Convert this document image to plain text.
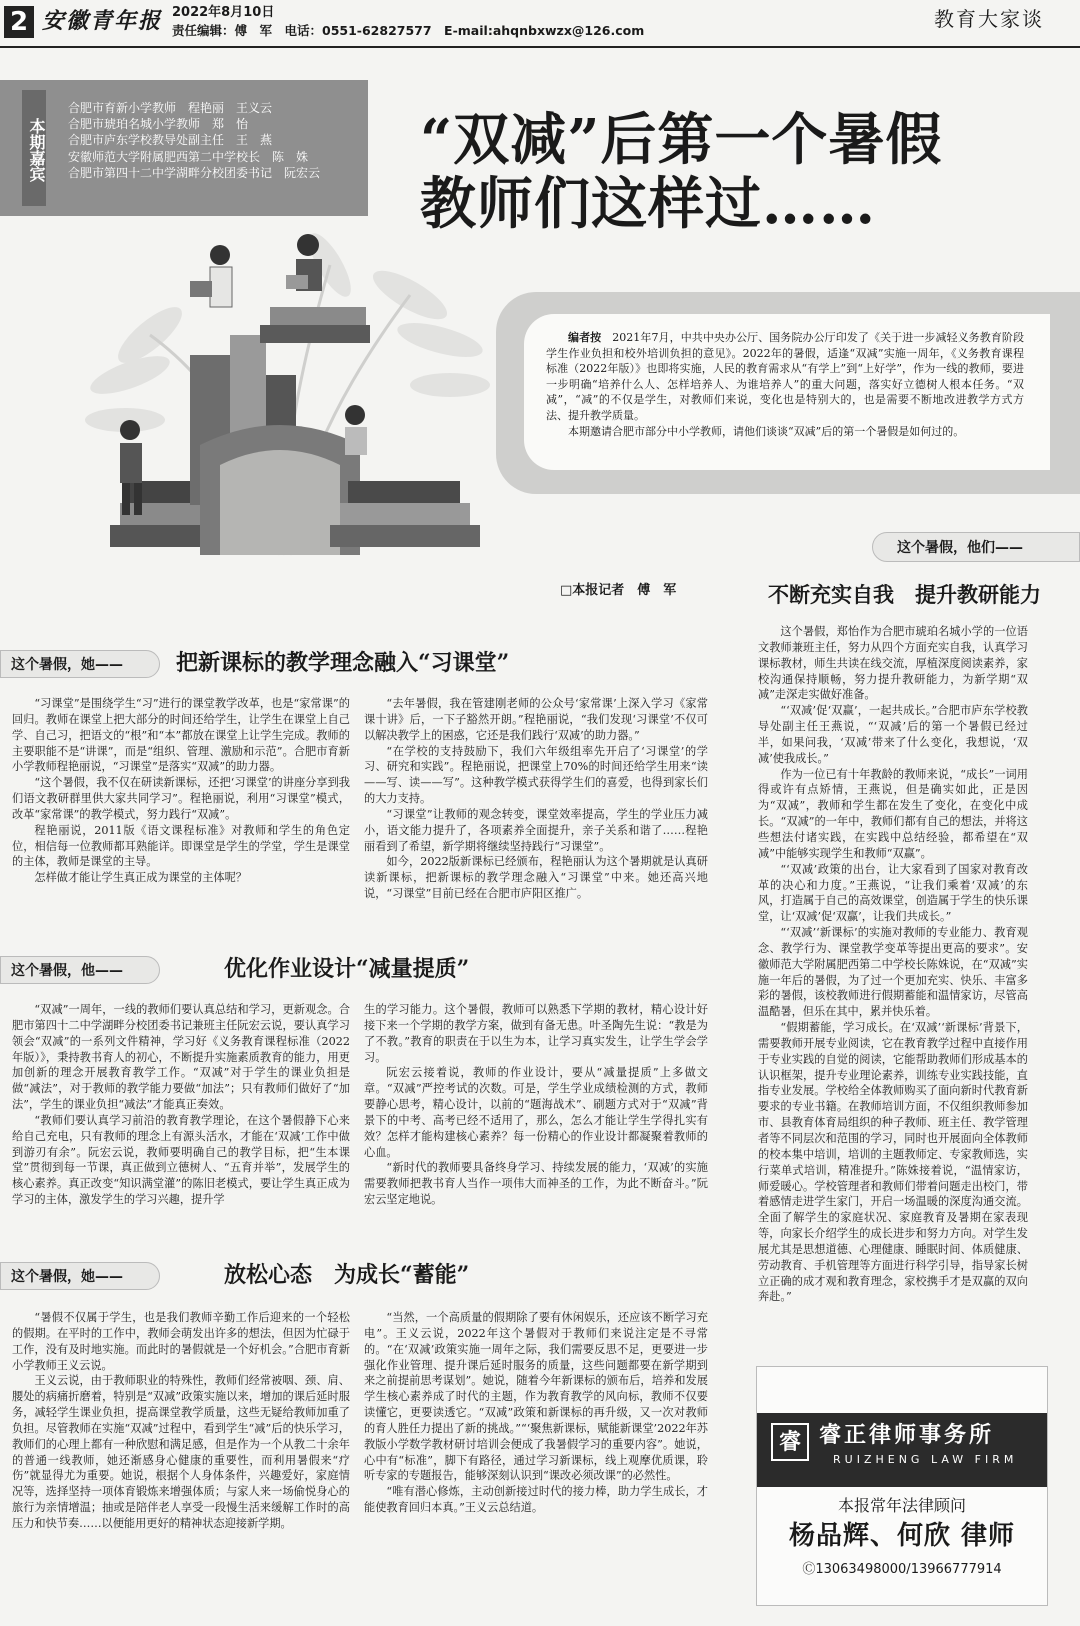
2 安徽青年报 2022年8月10日
责任编辑：傅　军　电话：0551-62827577　E-mail:ahqnbxwzx@126.com	教育大家谈
本期嘉宾
合肥市育新小学教师　程艳丽　王义云
合肥市琥珀名城小学教师　郑　怡
合肥市庐东学校教导处副主任　王　燕
安徽师范大学附属肥西第二中学校长　陈　姝
合肥市第四十二中学湖畔分校团委书记　阮宏云 “双减”后第一个暑假
教师们这样过……

编者按　2021年7月，中共中央办公厅、国务院办公厅印发了《关于进一步减轻义务教育阶段学生作业负担和校外培训负担的意见》。2022年的暑假，适逢“双减”实施一周年，《义务教育课程标准（2022年版）》也即将实施，人民的教育需求从“有学上”到“上好学”，作为一线的教师，要进一步明确“培养什么人、怎样培养人、为谁培养人”的重大问题，落实好立德树人根本任务。“双减”，“减”的不仅是学生，对教师们来说，变化也是特别大的，也是需要不断地改进教学方式方法、提升教学质量。

本期邀请合肥市部分中小学教师，请他们谈谈“双减”后的第一个暑假是如何过的。

这个暑假，他们——
不断充实自我　提升教研能力

这个暑假，郑怡作为合肥市琥珀名城小学的一位语文教师兼班主任，努力从四个方面充实自我，认真学习课标教材，师生共读在线交流，厚植深度阅读素养，家校沟通保持顺畅，努力提升教研能力，为新学期“双减”走深走实做好准备。

“‘双减’促‘双赢’，一起共成长。”合肥市庐东学校教导处副主任王燕说，“‘双减’后的第一个暑假已经过半，如果问我，‘双减’带来了什么变化，我想说，‘双减’使我成长。”

作为一位已有十年教龄的教师来说，“成长”一词用得或许有点矫情，王燕说，但是确实如此，正是因为“双减”，教师和学生都在发生了变化，在变化中成长。“双减”的一年中，教师们都有自己的想法，并将这些想法付诸实践，在实践中总结经验，都希望在“双减”中能够实现学生和教师“双赢”。

“‘双减’政策的出台，让大家看到了国家对教育改革的决心和力度。”王燕说，“让我们乘着‘双减’的东风，打造属于自己的高效课堂，创造属于学生的快乐课堂，让‘双减’促‘双赢’，让我们共成长。”

“‘双减’‘新课标’的实施对教师的专业能力、教育观念、教学行为、课堂教学变革等提出更高的要求”。安徽师范大学附属肥西第二中学校长陈姝说，在“双减”实施一年后的暑假，为了过一个更加充实、快乐、丰富多彩的暑假，该校教师进行假期蓄能和温情家访，尽管高温酷暑，但乐在其中，累并快乐着。

“假期蓄能，学习成长。在‘双减’‘新课标’背景下，需要教师开展专业阅读，它在教育教学过程中直接作用于专业实践的自觉的阅读，它能帮助教师们形成基本的认识框架，提升专业理论素养，训练专业实践技能，直指专业发展。学校给全体教师购买了面向新时代教育新要求的专业书籍。在教师培训方面，不仅组织教师参加市、县教育体育局组织的种子教师、班主任、教学管理者等不同层次和范围的学习，同时也开展面向全体教师的校本集中培训，培训的主题教师定、专家教师选，实行菜单式培训，精准提升。”陈姝接着说，“温情家访，师爱暖心。学校管理者和教师们带着问题走出校门，带着感情走进学生家门，开启一场温暖的深度沟通交流。全面了解学生的家庭状况、家庭教育及暑期在家表现等，向家长介绍学生的成长进步和努力方向。对学生发展尤其是思想道德、心理健康、睡眠时间、体质健康、劳动教育、手机管理等方面进行科学引导，指导家长树立正确的成才观和教育理念，家校携手才是双赢的双向奔赴。”

□本报记者　傅　军
这个暑假，她——	把新课标的教学理念融入“习课堂”

“习课堂”是围绕学生“习”进行的课堂教学改革，也是“家常课”的回归。教师在课堂上把大部分的时间还给学生，让学生在课堂上自己学、自己习，把语文的“根”和“本”都放在课堂上让学生完成。教师的主要职能不是“讲课”，而是“组织、管理、激励和示范”。合肥市育新小学教师程艳丽说，“习课堂”是落实“双减”的助力器。

“这个暑假，我不仅在研读新课标，还把‘习课堂’的讲座分享到我们语文教研群里供大家共同学习”。程艳丽说，利用“习课堂”模式，改革“家常课”的教学模式，努力践行“双减”。

程艳丽说，2011版《语文课程标准》对教师和学生的角色定位，相信每一位教师都耳熟能详。即课堂是学生的学堂，学生是课堂的主体，教师是课堂的主导。

怎样做才能让学生真正成为课堂的主体呢？

“去年暑假，我在管建刚老师的公众号‘家常课’上深入学习《家常课十讲》后，一下子豁然开朗。”程艳丽说，“我们发现‘习课堂’不仅可以解决教学上的困惑，它还是我们践行‘双减’的助力器。”

“在学校的支持鼓励下，我们六年级组率先开启了‘习课堂’的学习、研究和实践”。程艳丽说，把课堂上70%的时间还给学生用来“读——写、读——写”。这种教学模式获得学生们的喜爱，也得到家长们的大力支持。

“习课堂”让教师的观念转变，课堂效率提高，学生的学业压力减小，语文能力提升了，各项素养全面提升，亲子关系和谐了……程艳丽看到了希望，新学期将继续坚持践行“习课堂”。

如今，2022版新课标已经颁布，程艳丽认为这个暑期就是认真研读新课标，把新课标的教学理念融入“习课堂”中来。她还高兴地说，“习课堂”目前已经在合肥市庐阳区推广。

这个暑假，他——	优化作业设计“减量提质”

“双减”一周年，一线的教师们要认真总结和学习，更新观念。合肥市第四十二中学湖畔分校团委书记兼班主任阮宏云说，要认真学习领会“双减”的一系列文件精神，学习好《义务教育课程标准（2022年版）》，秉持教书育人的初心，不断提升实施素质教育的能力，用更加创新的理念开展教育教学工作。“双减”对于学生的课业负担是做“减法”，对于教师的教学能力要做“加法”；只有教师们做好了“加法”，学生的课业负担“减法”才能真正奏效。

“教师们要认真学习前沿的教育教学理论，在这个暑假静下心来给自己充电，只有教师的理念上有源头活水，才能在‘双减’工作中做到游刃有余”。阮宏云说，教师要明确自己的教学目标，把“生本课堂”贯彻到每一节课，真正做到立德树人、“五育并举”，发展学生的核心素养。真正改变“知识满堂灌”的陈旧老模式，要让学生真正成为学习的主体，激发学生的学习兴趣，提升学

生的学习能力。这个暑假，教师可以熟悉下学期的教材，精心设计好接下来一个学期的教学方案，做到有备无患。叶圣陶先生说：“教是为了不教。”教育的职责在于以生为本，让学习真实发生，让学生学会学习。

阮宏云接着说，教师的作业设计，要从“减量提质”上多做文章。“双减”严控考试的次数。可是，学生学业成绩检测的方式，教师要静心思考，精心设计，以前的“题海战术”、刷题方式对于“双减”背景下的中考、高考已经不适用了，那么，怎么才能让学生学得扎实有效？怎样才能构建核心素养？每一份精心的作业设计都凝聚着教师的心血。

“新时代的教师要具备终身学习、持续发展的能力，‘双减’的实施需要教师把教书育人当作一项伟大而神圣的工作，为此不断奋斗。”阮宏云坚定地说。

这个暑假，她——	放松心态　为成长“蓄能”

“暑假不仅属于学生，也是我们教师辛勤工作后迎来的一个轻松的假期。在平时的工作中，教师会萌发出许多的想法，但因为忙碌于工作，没有及时地实施。而此时的暑假就是一个好机会。”合肥市育新小学教师王义云说。

王义云说，由于教师职业的特殊性，教师们经常被咽、颈、肩、腰处的病痛折磨着，特别是“双减”政策实施以来，增加的课后延时服务，减轻学生课业负担，提高课堂教学质量，这些无疑给教师加重了负担。尽管教师在实施“双减”过程中，看到学生“减”后的快乐学习，教师们的心理上都有一种欣慰和满足感，但是作为一个从教二十余年的普通一线教师，她还渐感身心健康的重要性，而利用暑假来“疗伤”就显得尤为重要。她说，根据个人身体条件，兴趣爱好，家庭情况等，选择坚持一项体育锻炼来增强体质；与家人来一场偷悦身心的旅行为亲情增温；抽或是陪伴老人享受一段慢生活来缓解工作时的高压力和快节奏……以便能用更好的精神状态迎接新学期。

“当然，一个高质量的假期除了要有休闲娱乐，还应该不断学习充电”。王义云说，2022年这个暑假对于教师们来说注定是不寻常的。“在‘双减’政策实施一周年之际，我们需要反思不足，更要进一步强化作业管理、提升课后延时服务的质量，这些问题都要在新学期到来之前提前思考谋划”。她说，随着今年新课标的颁布后，培养和发展学生核心素养成了时代的主题，作为教育教学的风向标，教师不仅要读懂它，更要读透它。“双减”政策和新课标的再升级，又一次对教师的育人胜任力提出了新的挑战。”“‘聚焦新课标，赋能新课堂’2022年苏教版小学数学教材研讨培训会便成了我暑假学习的重要内容”。她说，心中有“标准”，脚下有路径，通过学习新课标，线上观摩优质课，聆听专家的专题报告，能够深刻认识到“课改必须改课”的必然性。

“唯有潜心修炼，主动创新接过时代的接力棒，助力学生成长，才能使教育回归本真。”王义云总结道。

睿 睿正律师事务所
RUIZHENG LAW FIRM
本报常年法律顾问
杨品辉、何欣 律师
Ⓒ13063498000/13966777914
